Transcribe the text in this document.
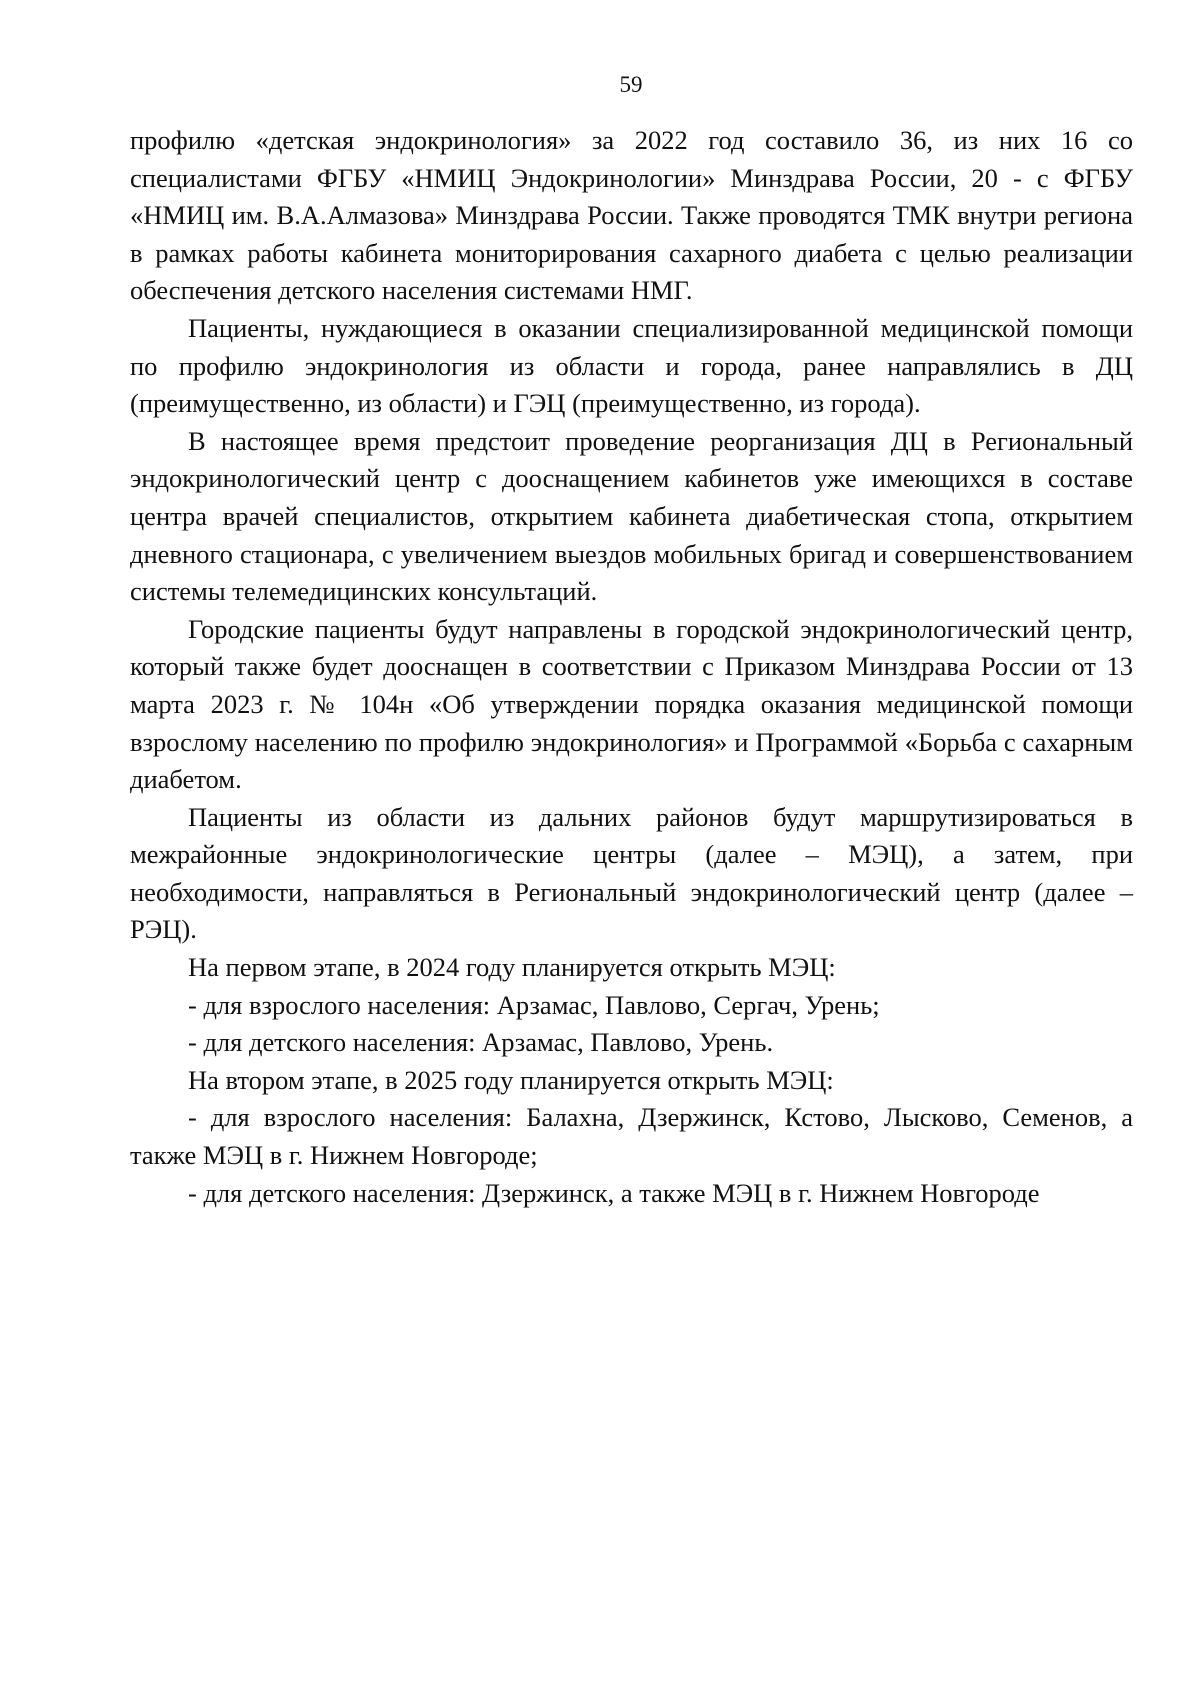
59

профилю «детская эндокринология» за 2022 год составило 36, из них 16 со специалистами ФГБУ «НМИЦ Эндокринологии» Минздрава России, 20 - с ФГБУ «НМИЦ им. В.А.Алмазова» Минздрава России. Также проводятся ТМК внутри региона в рамках работы кабинета мониторирования сахарного диабета с целью реализации обеспечения детского населения системами НМГ.

Пациенты, нуждающиеся в оказании специализированной медицинской помощи по профилю эндокринология из области и города, ранее направлялись в ДЦ (преимущественно, из области) и ГЭЦ (преимущественно, из города).

В настоящее время предстоит проведение реорганизация ДЦ в Региональный эндокринологический центр с дооснащением кабинетов уже имеющихся в составе центра врачей специалистов, открытием кабинета диабетическая стопа, открытием дневного стационара, с увеличением выездов мобильных бригад и совершенствованием системы телемедицинских консультаций.

Городские пациенты будут направлены в городской эндокринологический центр, который также будет дооснащен в соответствии с Приказом Минздрава России от 13 марта 2023 г. № 104н «Об утверждении порядка оказания медицинской помощи взрослому населению по профилю эндокринология» и Программой «Борьба с сахарным диабетом.

Пациенты из области из дальних районов будут маршрутизироваться в межрайонные эндокринологические центры (далее – МЭЦ), а затем, при необходимости, направляться в Региональный эндокринологический центр (далее – РЭЦ).

На первом этапе, в 2024 году планируется открыть МЭЦ:

- для взрослого населения: Арзамас, Павлово, Сергач, Урень;

- для детского населения: Арзамас, Павлово, Урень.

На втором этапе, в 2025 году планируется открыть МЭЦ:

- для взрослого населения: Балахна, Дзержинск, Кстово, Лысково, Семенов, а также МЭЦ в г. Нижнем Новгороде;

- для детского населения: Дзержинск, а также МЭЦ в г. Нижнем Новгороде
